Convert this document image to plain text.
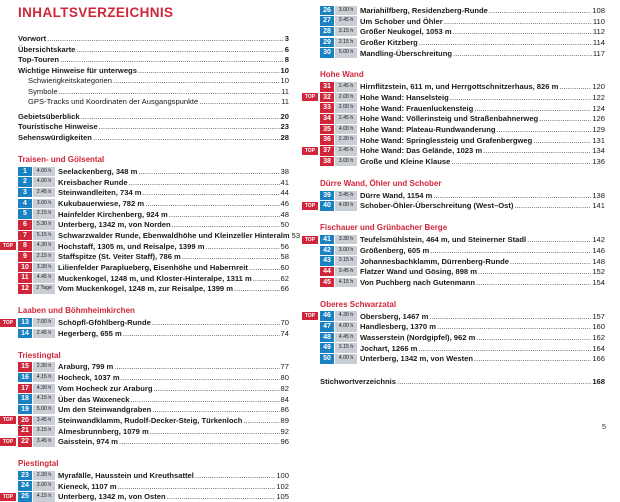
INHALTSVERZEICHNIS
Vorwort .....	3
Übersichtskarte .....	6
Top-Touren .....	8
Wichtige Hinweise für unterwegs .....	10
Schwierigkeitskategorien .....	10
Symbole .....	11
GPS-Tracks und Koordinaten der Ausgangspunkte .....	11
Gebietsüberblick .....	20
Touristische Hinweise .....	23
Sehenswürdigkeiten .....	28
Traisen- und Gölsental
1	4.00 h Seelackenberg, 348 m .....	38
2	4.00 h Kreisbacher Runde .....	41
3	2.45 h Steinwandleiten, 734 m .....	44
4	3.00 h Kukubauerwiese, 782 m .....	46
5	3.15 h Hainfelder Kirchenberg, 924 m .....	48
6	5.30 h Unterberg, 1342 m, von Norden .....	50
7	5.15 h Schwarzwalder Runde, Ebenwaldhöhe und Kleinzeller Hinteralm 53
TOP	8	4.30 h Hochstaff, 1305 m, und Reisalpe, 1399 m .....	56
9	2.15 h Staffspitze (St. Veiter Staff), 786 m .....	58
10	3.30 h Lilienfelder Paraplueberg, Eisenhöhe und Habernreit .....	60
11	4.45 h Muckenkogel, 1248 m, und Kloster-Hinteralpe, 1311 m .....	62
12	2 Tage Vom Muckenkogel, 1248 m, zur Reisalpe, 1399 m .....	66
Laaben und Böhmheimkirchen
TOP	13	7.00 h Schöpfl-Gföhlberg-Runde .....	70
14	2.45 h Hegerberg, 655 m .....	74
Triestingtal
15	2.30 h Araburg, 799 m .....	77
16	4.15 h Hocheck, 1037 m .....	80
17	4.30 h Vom Hocheck zur Araburg .....	82
18	4.15 h Über das Waxeneck .....	84
19	5.00 h Um den Steinwandgraben .....	86
TOP	20	3.45 h Steinwandklamm, Rudolf-Decker-Steig, Türkenloch .....	89
21	3.15 h Almesbrunnberg, 1079 m .....	92
TOP	22	3.45 h Gaisstein, 974 m .....	96
Piestingtal
23	2.30 h Myrafälle, Hausstein und Kreuthsattel .....	100
24	3.00 h Kieneck, 1107 m .....	102
TOP	25	4.15 h Unterberg, 1342 m, von Osten .....	105
26	3.00 h Mariahilfberg, Residenzberg-Runde .....	108
27	3.45 h Um Schober und Öhler .....	110
28	3.15 h Größer Neukogel, 1053 m .....	112
29	2.15 h Großer Kitzberg .....	114
30	5.00 h Mandling-Überschreitung .....	117
Hohe Wand
31	2.45 h Hirnflitzstein, 611 m, und Herrgottschnitzerhaus, 826 m .....	120
TOP	32	2.00 h Hohe Wand: Hanselsteig .....	122
33	2.00 h Hohe Wand: Frauenluckensteig .....	124
34	2.45 h Hohe Wand: Völlerinsteig und Straßenbahnerweg .....	126
35	4.00 h Hohe Wand: Plateau-Rundwanderung .....	129
36	2.30 h Hohe Wand: Springlessteig und Grafenbergweg .....	131
TOP	37	2.45 h Hohe Wand: Das Gelände, 1023 m .....	134
38	3.00 h Große und Kleine Klause .....	136
Dürre Wand, Öhler und Schober
39	3.45 h Dürre Wand, 1154 m .....	138
TOP	40	4.00 h Schober-Öhler-Überschreitung (West–Ost) .....	141
Fischauer und Grünbacher Berge
TOP	41	3.30 h Teufelsmühlstein, 464 m, und Steinerner Stadl .....	142
42	3.00 h Größenberg, 605 m .....	146
43	3.15 h Johannesbachklamm, Dürrenberg-Runde .....	148
44	3.45 h Flatzer Wand und Gösing, 898 m .....	152
45	4.15 h Von Puchberg nach Gutenmann .....	154
Oberes Schwarzatal
TOP	46	4.30 h Obersberg, 1467 m .....	157
47	4.00 h Handlesberg, 1370 m .....	160
48	4.45 h Wasserstein (Nordgipfel), 962 m .....	162
49	3.15 h Jochart, 1266 m .....	164
50	4.00 h Unterberg, 1342 m, von Westen .....	166
Stichwortverzeichnis .....	168
4	5
